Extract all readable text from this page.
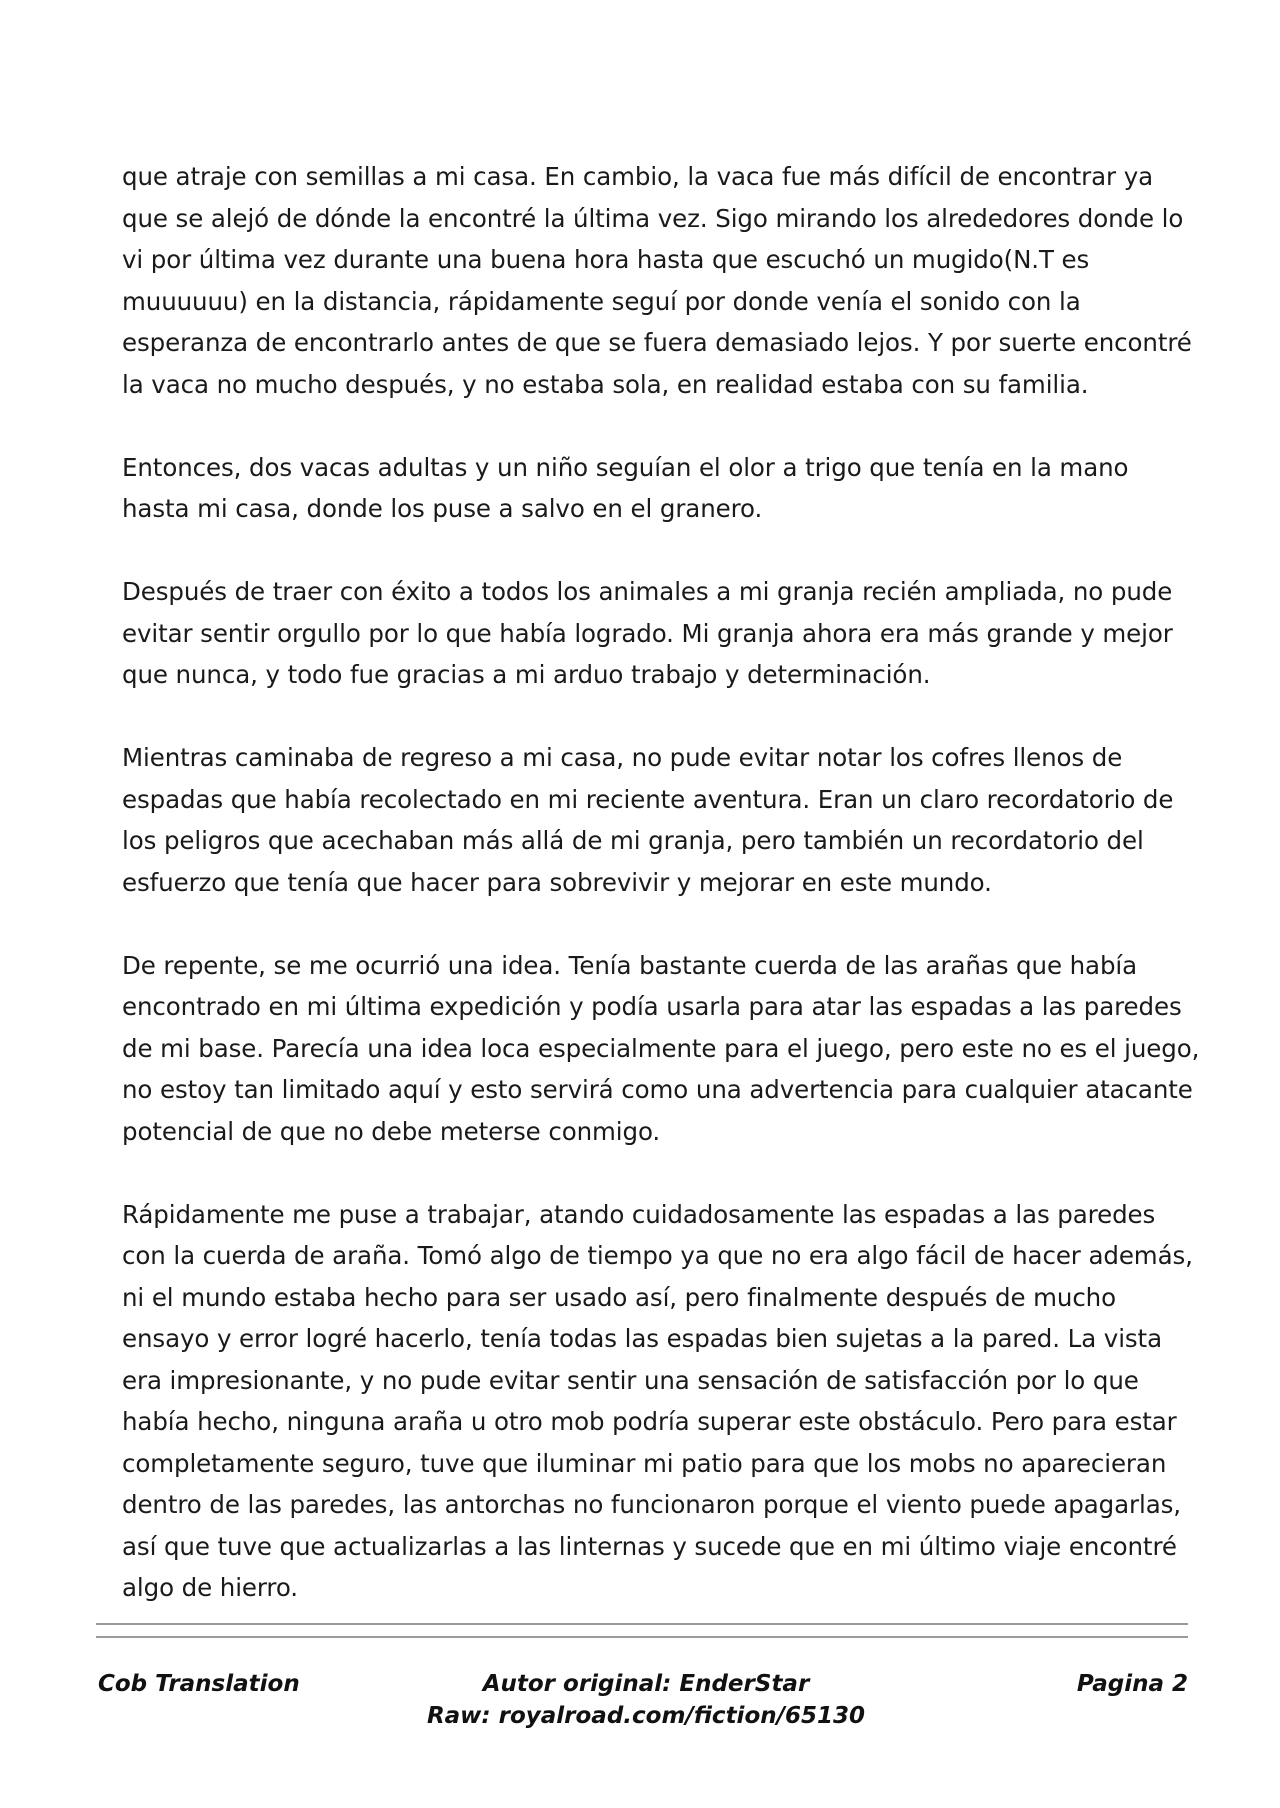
que atraje con semillas a mi casa. En cambio, la vaca fue más difícil de encontrar ya que se alejó de dónde la encontré la última vez. Sigo mirando los alrededores donde lo vi por última vez durante una buena hora hasta que escuchó un mugido(N.T es muuuuuu) en la distancia, rápidamente seguí por donde venía el sonido con la esperanza de encontrarlo antes de que se fuera demasiado lejos. Y por suerte encontré la vaca no mucho después, y no estaba sola, en realidad estaba con su familia.

Entonces, dos vacas adultas y un niño seguían el olor a trigo que tenía en la mano hasta mi casa, donde los puse a salvo en el granero.

Después de traer con éxito a todos los animales a mi granja recién ampliada, no pude evitar sentir orgullo por lo que había logrado. Mi granja ahora era más grande y mejor que nunca, y todo fue gracias a mi arduo trabajo y determinación.

Mientras caminaba de regreso a mi casa, no pude evitar notar los cofres llenos de espadas que había recolectado en mi reciente aventura. Eran un claro recordatorio de los peligros que acechaban más allá de mi granja, pero también un recordatorio del esfuerzo que tenía que hacer para sobrevivir y mejorar en este mundo.

De repente, se me ocurrió una idea. Tenía bastante cuerda de las arañas que había encontrado en mi última expedición y podía usarla para atar las espadas a las paredes de mi base. Parecía una idea loca especialmente para el juego, pero este no es el juego, no estoy tan limitado aquí y esto servirá como una advertencia para cualquier atacante potencial de que no debe meterse conmigo.

Rápidamente me puse a trabajar, atando cuidadosamente las espadas a las paredes con la cuerda de araña. Tomó algo de tiempo ya que no era algo fácil de hacer además, ni el mundo estaba hecho para ser usado así, pero finalmente después de mucho ensayo y error logré hacerlo, tenía todas las espadas bien sujetas a la pared. La vista era impresionante, y no pude evitar sentir una sensación de satisfacción por lo que había hecho, ninguna araña u otro mob podría superar este obstáculo. Pero para estar completamente seguro, tuve que iluminar mi patio para que los mobs no aparecieran dentro de las paredes, las antorchas no funcionaron porque el viento puede apagarlas, así que tuve que actualizarlas a las linternas y sucede que en mi último viaje encontré algo de hierro.

Cob Translation	Autor original: EnderStar
Raw: royalroad.com/fiction/65130
Pagina 2
